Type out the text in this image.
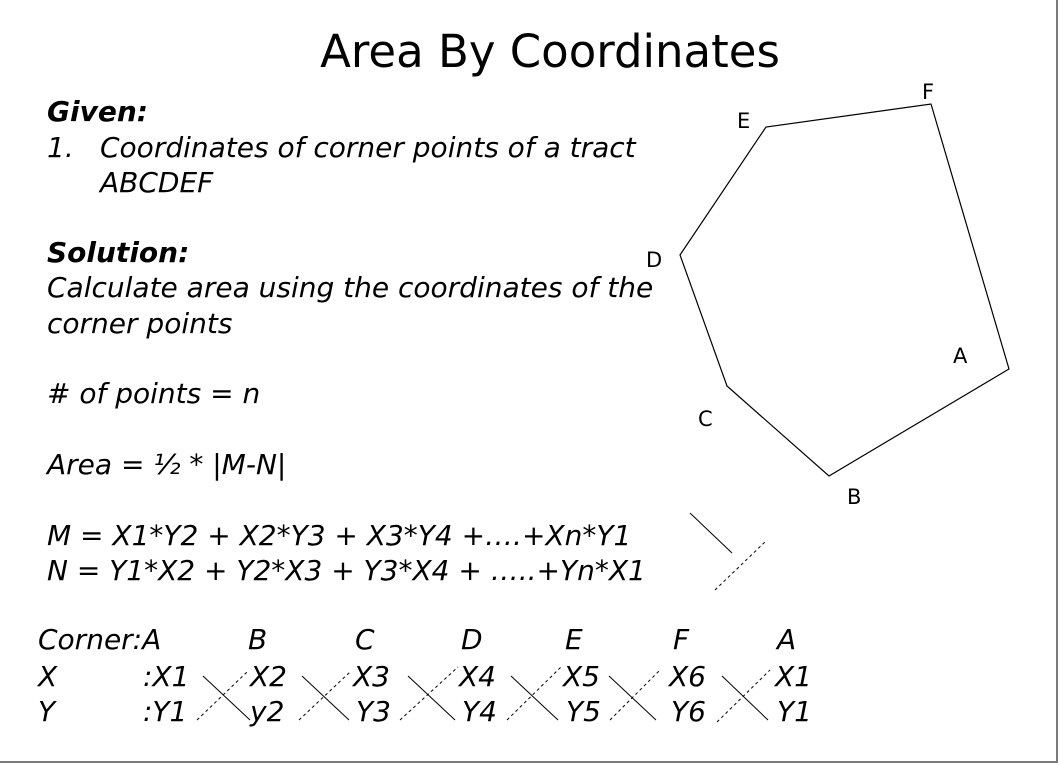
Area By Coordinates
Given:
1. Coordinates of corner points of a tract
ABCDEF
Solution:
Calculate area using the coordinates of the
corner points
# of points = n
Area = ½ * |M-N|
M = X1*Y2 + X2*Y3 + X3*Y4 +….+Xn*Y1
N = Y1*X2 + Y2*X3 + Y3*X4 + …..+Yn*X1
A
B
C
D
E
F
Corner:A	B	C	D	E	F	A
X	:X1 X2 X3 X4 X5 X6 X1
Y	:Y1 y2	Y3	Y4 Y5	Y6	Y1
